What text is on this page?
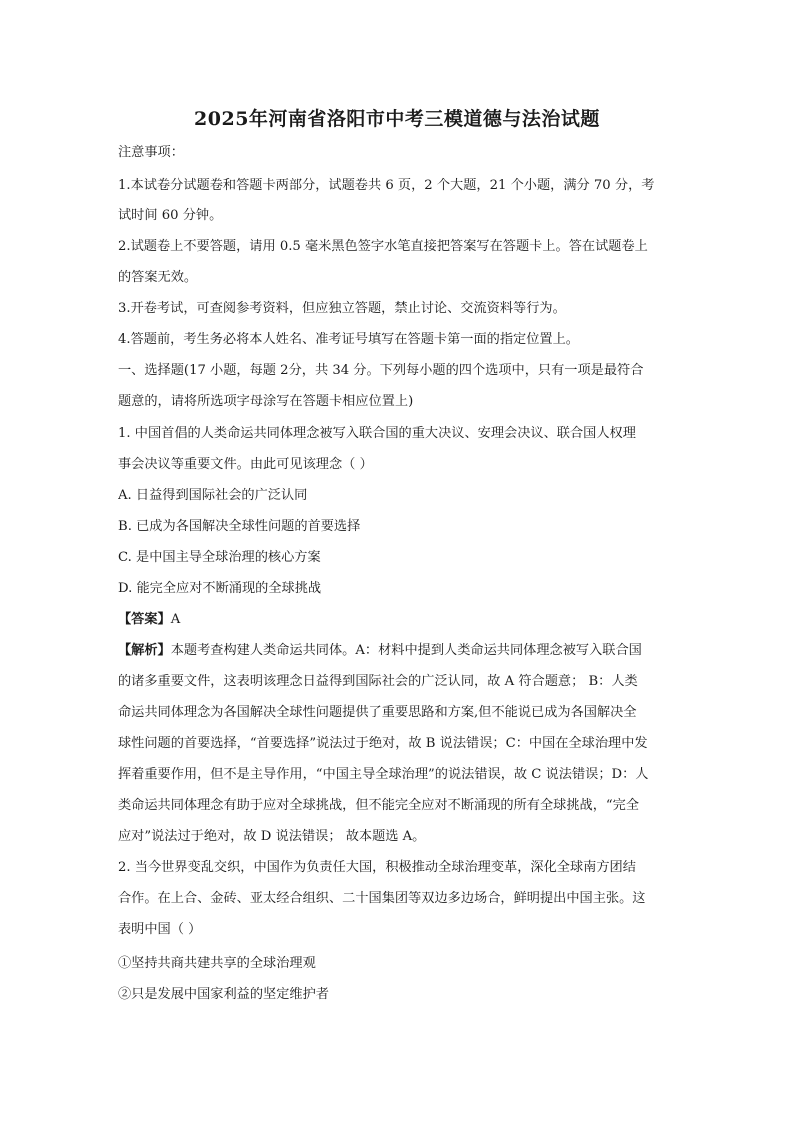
2025年河南省洛阳市中考三模道德与法治试题
注意事项：
1.本试卷分试题卷和答题卡两部分，试题卷共 6 页，2 个大题，21 个小题，满分 70 分，考
试时间 60 分钟。
2.试题卷上不要答题，请用 0.5 毫米黑色签字水笔直接把答案写在答题卡上。答在试题卷上
的答案无效。
3.开卷考试，可查阅参考资料，但应独立答题，禁止讨论、交流资料等行为。
4.答题前，考生务必将本人姓名、准考证号填写在答题卡第一面的指定位置上。
一、选择题(17 小题，每题 2分，共 34 分。下列每小题的四个选项中，只有一项是最符合
题意的，请将所选项字母涂写在答题卡相应位置上)
1. 中国首倡的人类命运共同体理念被写入联合国的重大决议、安理会决议、联合国人权理
事会决议等重要文件。由此可见该理念（ ）
A. 日益得到国际社会的广泛认同
B. 已成为各国解决全球性问题的首要选择
C. 是中国主导全球治理的核心方案
D. 能完全应对不断涌现的全球挑战
【答案】A
【解析】本题考查构建人类命运共同体。A：材料中提到人类命运共同体理念被写入联合国
的诸多重要文件，这表明该理念日益得到国际社会的广泛认同，故 A 符合题意； B：人类
命运共同体理念为各国解决全球性问题提供了重要思路和方案,但不能说已成为各国解决全
球性问题的首要选择，“首要选择”说法过于绝对，故 B 说法错误；C：中国在全球治理中发
挥着重要作用，但不是主导作用，“中国主导全球治理”的说法错误，故 C 说法错误；D：人
类命运共同体理念有助于应对全球挑战，但不能完全应对不断涌现的所有全球挑战，“完全
应对”说法过于绝对，故 D 说法错误； 故本题选 A。
2. 当今世界变乱交织，中国作为负责任大国，积极推动全球治理变革，深化全球南方团结
合作。在上合、金砖、亚太经合组织、二十国集团等双边多边场合，鲜明提出中国主张。这
表明中国（ ）
①坚持共商共建共享的全球治理观
②只是发展中国家利益的坚定维护者
